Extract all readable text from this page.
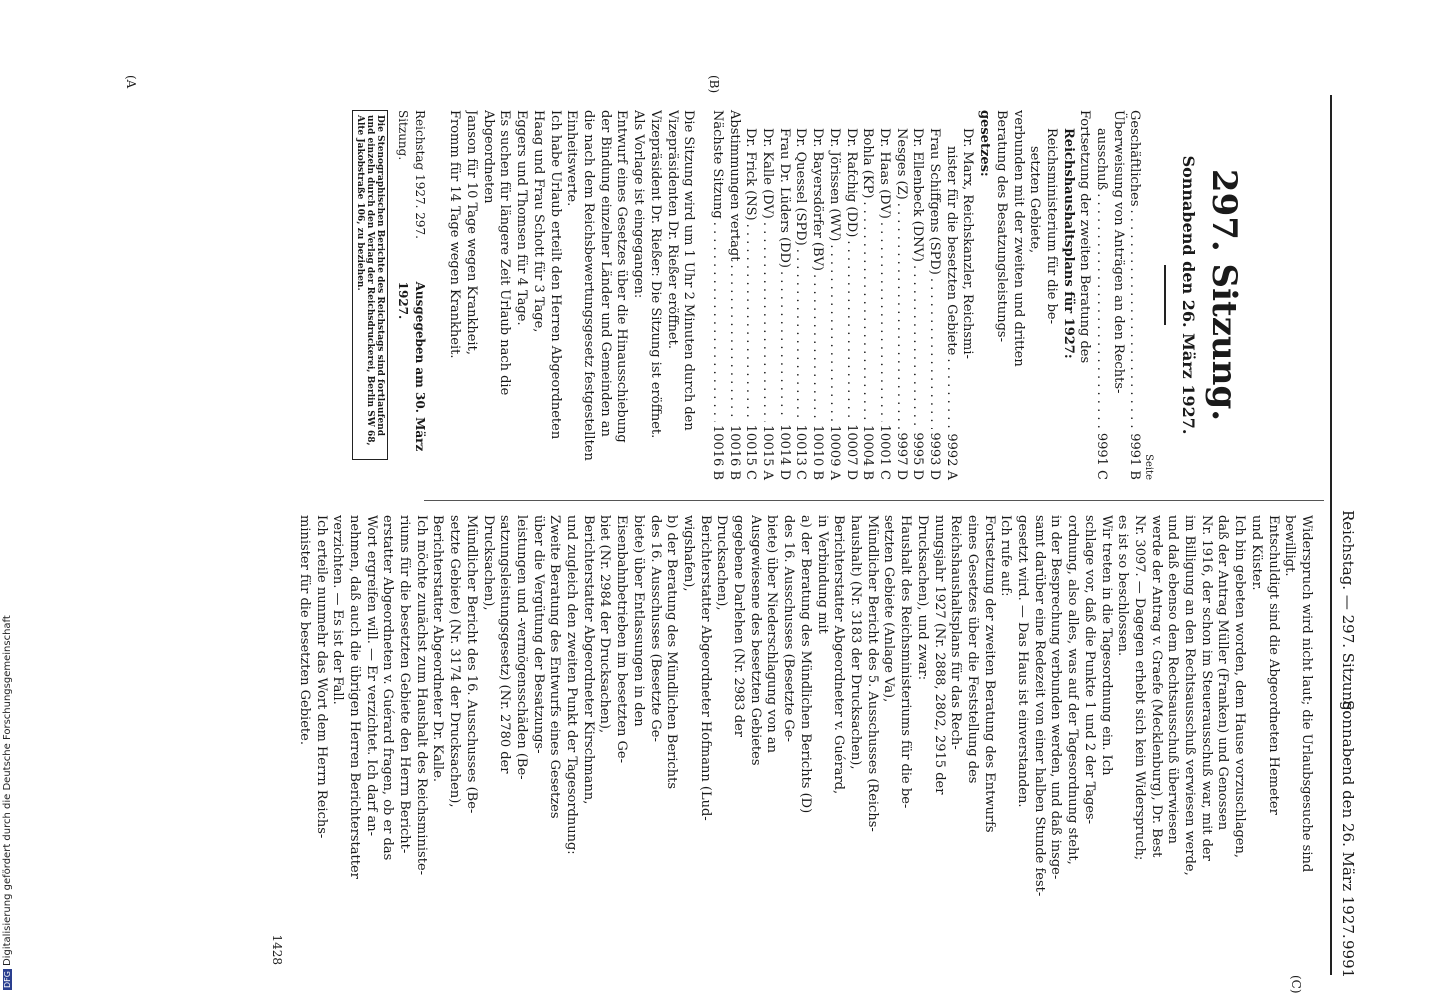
Reichstag. — 297. Sitzung.
(A	(B)
297. Sitzung.
Sonnabend den 26. März 1927.
Seite
Geschäftliches
. . .
9991 B
Überweisung von Anträgen an den Rechts-
ausschuß
. . .
9991 C
Fortsetzung der zweiten Beratung des
Reichshaushaltsplans für 1927:
Reichsministerium für die be-
setzten Gebiete,
verbunden mit der zweiten und dritten
Beratung des Besatzungsleistungs-
gesetzes:
Dr. Marx, Reichskanzler, Reichsmi-
nister für die besetzten Gebiete
. . .
9992 A
Frau Schiffgens (SPD)
. . .
9993 D
Dr. Ellenbeck (DNV)
. . .
9995 D
Nesges (Z)
. . .
9997 D
Dr. Haas (DV)
. . .
10001 C
Bohla (KP)
. . .
10004 B
Dr. Rafchig (DD)
. . .
10007 D
Dr. Jörissen (WV)
. . .
10009 A
Dr. Bayersdörfer (BV)
. . .
10010 B
Dr. Quessel (SPD)
. . .
10013 C
Frau Dr. Lüders (DD)
. . .
10014 D
Dr. Kalle (DV)
. . .
10015 A
Dr. Frick (NS)
. . .
10015 C
Abstimmungen vertagt
. . .
10016 B
Nächste Sitzung
. . .
10016 B
Die Sitzung wird um 1 Uhr 2 Minuten durch den
Vizepräsidenten Dr. Rießer eröffnet.
Vizepräsident Dr. Rießer: Die Sitzung ist eröffnet.
Als Vorlage ist eingegangen:
Entwurf eines Gesetzes über die Hinausschiebung
der Bindung einzelner Länder und Gemeinden an
die nach dem Reichsbewertungsgesetz festgestellten
Einheitswerte.
Ich habe Urlaub erteilt den Herren Abgeordneten
Haag und Frau Schott für 3 Tage,
Eggers und Thomsen für 4 Tage.
Es suchen für längere Zeit Urlaub nach die
Abgeordneten
Janson für 10 Tage wegen Krankheit,
Fromm für 14 Tage wegen Krankheit.
Reichstag 1927. 297. Sitzung.
Ausgegeben am 30. März 1927.
Die Stenographischen Berichte des Reichstags sind fortlaufend und einzeln durch den Verlag der Reichsdruckerei, Berlin SW 68, Alte Jakobstraße 106, zu beziehen.
Widerspruch wird nicht laut; die Urlaubsgesuche sind
bewilligt.
Entschuldigt sind die Abgeordneten Hemeter
und Küster.
Ich bin gebeten worden, dem Hause vorzuschlagen,
daß der Antrag Müller (Franken) und Genossen
Nr. 1916, der schon im Steuerausschuß war, mit der
im Billigung an den Rechtsausschuß verwiesen werde,
und daß ebenso dem Rechtsausschuß überwiesen
werde der Antrag v. Graefe (Mecklenburg), Dr. Best
Nr. 3097. — Dagegen erhebt sich kein Widerspruch;
es ist so beschlossen.
Wir treten in die Tagesordnung ein. Ich
schlage vor, daß die Punkte 1 und 2 der Tages-
ordnung, also alles, was auf der Tagesordnung steht,
in der Besprechung verbunden werden, und daß insge-
samt darüber eine Redezeit von einer halben Stunde fest-
gesetzt wird. — Das Haus ist einverstanden.
Ich rufe auf:
Fortsetzung der zweiten Beratung des Entwurfs
eines Gesetzes über die Feststellung des
Reichshaushaltsplans für das Rech-
nungsjahr 1927 (Nr. 2888, 2802, 2915 der
Drucksachen), und zwar:
Haushalt des Reichsministeriums für die be-
setzten Gebiete (Anlage Va),
Mündlicher Bericht des 5. Ausschusses (Reichs-
haushalt) (Nr. 3183 der Drucksachen),
Berichterstatter Abgeordneter v. Guérard,
in Verbindung mit
a) der Beratung des Mündlichen Berichts (D)
des 16. Ausschusses (Besetzte Ge-
biete) über Niederschlagung von an
Ausgewiesene des besetzten Gebietes
gegebene Darlehen (Nr. 2983 der
Drucksachen),
Berichterstatter Abgeordneter Hofmann (Lud-
wigshafen),
b) der Beratung des Mündlichen Berichts
des 16. Ausschusses (Besetzte Ge-
biete) über Entlassungen in den
Eisenbahnbetrieben im besetzten Ge-
biet (Nr. 2984 der Drucksachen),
Berichterstatter Abgeordneter Kirschmann,
und zugleich den zweiten Punkt der Tagesordnung:
Zweite Beratung des Entwurfs eines Gesetzes
über die Vergütung der Besatzungs-
leistungen und -vermögensschäden (Be-
satzungsleistungsgesetz) (Nr. 2780 der
Drucksachen),
Mündlicher Bericht des 16. Ausschusses (Be-
setzte Gebiete) (Nr. 3174 der Drucksachen),
Berichterstatter Abgeordneter Dr. Kalle.
Ich möchte zunächst zum Haushalt des Reichsministe-
riums für die besetzten Gebiete den Herrn Bericht-
erstatter Abgeordneten v. Guérard fragen, ob er das
Wort ergreifen will. — Er verzichtet. Ich darf an-
nehmen, daß auch die übrigen Herren Berichterstatter
verzichten. — Es ist der Fall.
Ich erteile nunmehr das Wort dem Herrn Reichs-
minister für die besetzten Gebiete.
1428
Sonnabend den 26. März 1927.
9991
(C)
DFGDigitalisierung gefördert durch die Deutsche Forschungsgemeinschaft
